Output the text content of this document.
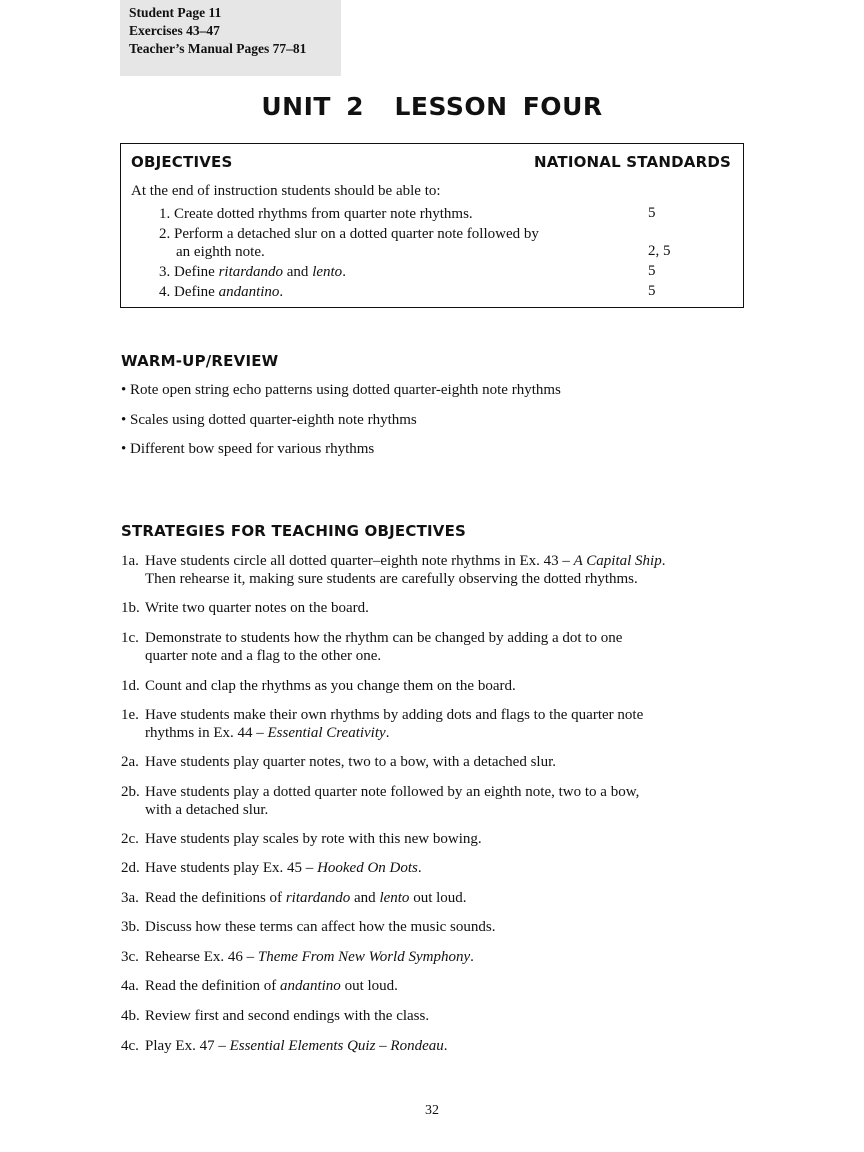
Student Page 11
Exercises 43–47
Teacher’s Manual Pages 77–81
UNIT 2  LESSON FOUR
OBJECTIVES	NATIONAL STANDARDS
At the end of instruction students should be able to:
1. Create dotted rhythms from quarter note rhythms.	5
2. Perform a detached slur on a dotted quarter note followed by
an eighth note.	2, 5
3. Define ritardando and lento.	5
4. Define andantino.	5
WARM-UP/REVIEW
• Rote open string echo patterns using dotted quarter-eighth note rhythms
• Scales using dotted quarter-eighth note rhythms
• Different bow speed for various rhythms
STRATEGIES FOR TEACHING OBJECTIVES
1a. Have students circle all dotted quarter–eighth note rhythms in Ex. 43 – A Capital Ship.
Then rehearse it, making sure students are carefully observing the dotted rhythms.
1b. Write two quarter notes on the board.
1c. Demonstrate to students how the rhythm can be changed by adding a dot to one
quarter note and a flag to the other one.
1d. Count and clap the rhythms as you change them on the board.
1e. Have students make their own rhythms by adding dots and flags to the quarter note
rhythms in Ex. 44 – Essential Creativity.
2a. Have students play quarter notes, two to a bow, with a detached slur.
2b. Have students play a dotted quarter note followed by an eighth note, two to a bow,
with a detached slur.
2c. Have students play scales by rote with this new bowing.
2d. Have students play Ex. 45 – Hooked On Dots.
3a. Read the definitions of ritardando and lento out loud.
3b. Discuss how these terms can affect how the music sounds.
3c. Rehearse Ex. 46 – Theme From New World Symphony.
4a. Read the definition of andantino out loud.
4b. Review first and second endings with the class.
4c. Play Ex. 47 – Essential Elements Quiz – Rondeau.
32
